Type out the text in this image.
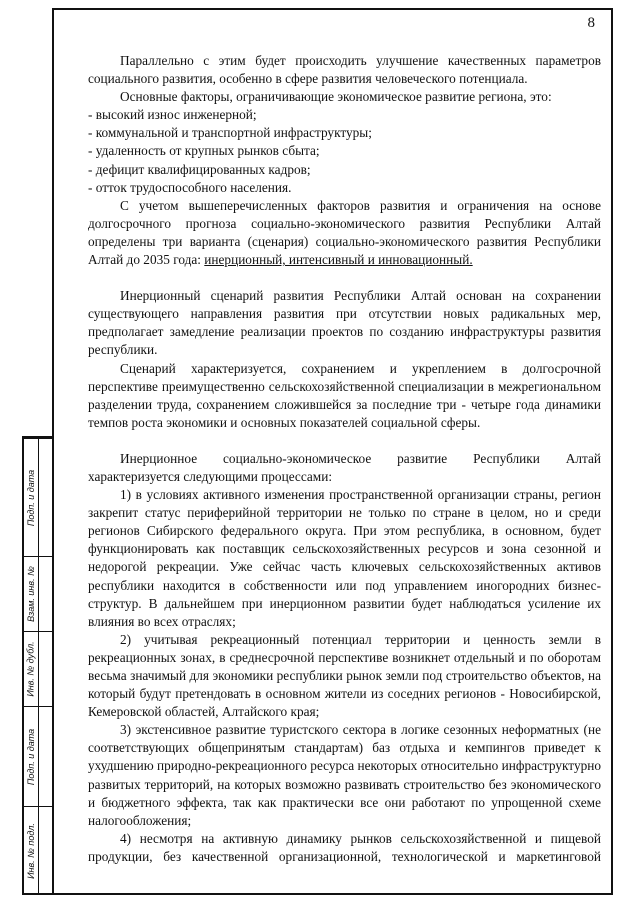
8

Параллельно с этим будет происходить улучшение качественных параметров социального развития, особенно в сфере развития человеческого потенциала.

Основные факторы, ограничивающие экономическое развитие региона, это:

- высокий износ инженерной;

- коммунальной и транспортной инфраструктуры;

- удаленность от крупных рынков сбыта;

- дефицит квалифицированных кадров;

- отток трудоспособного населения.

С учетом вышеперечисленных факторов развития и ограничения на основе долгосрочного прогноза социально-экономического развития Республики Алтай определены три варианта (сценария) социально-экономического развития Республики Алтай до 2035 года: инерционный, интенсивный и инновационный.

Инерционный сценарий развития Республики Алтай основан на сохранении существующего направления развития при отсутствии новых радикальных мер, предполагает замедление реализации проектов по созданию инфраструктуры развития республики.

Сценарий характеризуется, сохранением и укреплением в долгосрочной перспективе преимущественно сельскохозяйственной специализации в межрегиональном разделении труда, сохранением сложившейся за последние три - четыре года динамики темпов роста экономики и основных показателей социальной сферы.

Инерционное социально-экономическое развитие Республики Алтай характеризуется следующими процессами:

1) в условиях активного изменения пространственной организации страны, регион закрепит статус периферийной территории не только по стране в целом, но и среди регионов Сибирского федерального округа. При этом республика, в основном, будет функционировать как поставщик сельскохозяйственных ресурсов и зона сезонной и недорогой рекреации. Уже сейчас часть ключевых сельскохозяйственных активов республики находится в собственности или под управлением иногородних бизнес-структур. В дальнейшем при инерционном развитии будет наблюдаться усиление их влияния во всех отраслях;

2) учитывая рекреационный потенциал территории и ценность земли в рекреационных зонах, в среднесрочной перспективе возникнет отдельный и по оборотам весьма значимый для экономики республики рынок земли под строительство объектов, на который будут претендовать в основном жители из соседних регионов - Новосибирской, Кемеровской областей, Алтайского края;

3) экстенсивное развитие туристского сектора в логике сезонных неформатных (не соответствующих общепринятым стандартам) баз отдыха и кемпингов приведет к ухудшению природно-рекреационного ресурса некоторых относительно инфраструктурно развитых территорий, на которых возможно развивать строительство без экономического и бюджетного эффекта, так как практически все они работают по упрощенной схеме налогообложения;

4) несмотря на активную динамику рынков сельскохозяйственной и пищевой продукции, без качественной организационной, технологической и маркетинговой

Подп. и дата
Взам. инв. №
Инв. № дубл.
Подп. и дата
Инв. № подл.
